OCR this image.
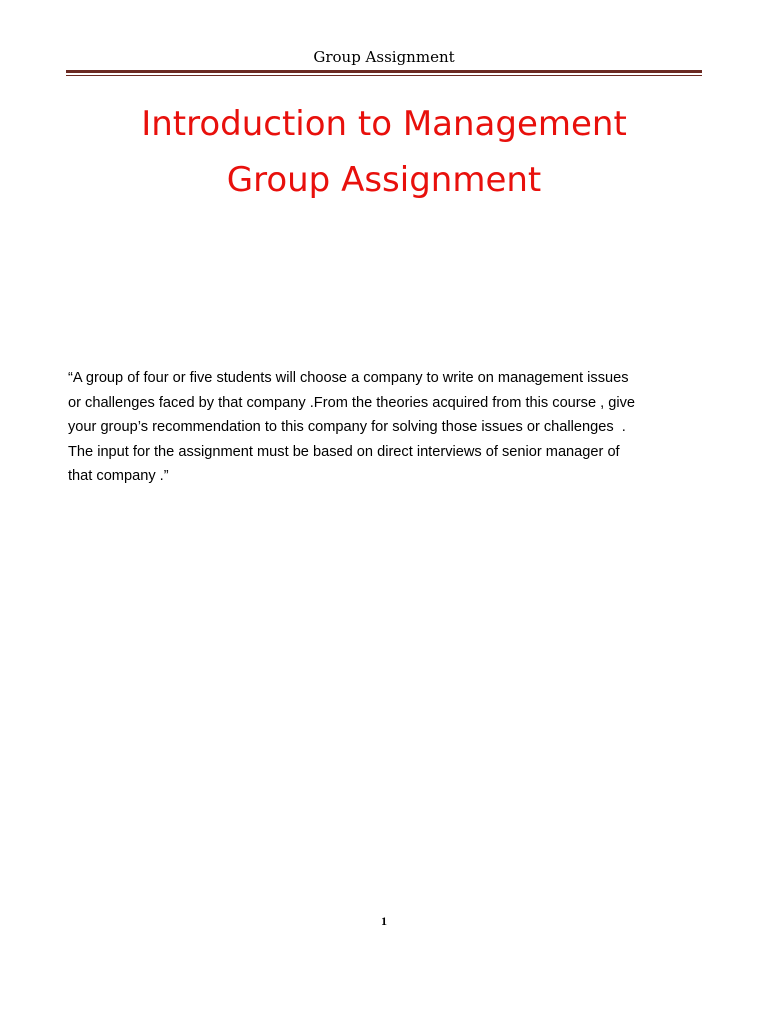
Group Assignment
Introduction to Management
Group Assignment
“A group of four or five students will choose a company to write on management issues
or challenges faced by that company .From the theories acquired from this course , give
your group’s recommendation to this company for solving those issues or challenges  .
The input for the assignment must be based on direct interviews of senior manager of
that company .”
1
